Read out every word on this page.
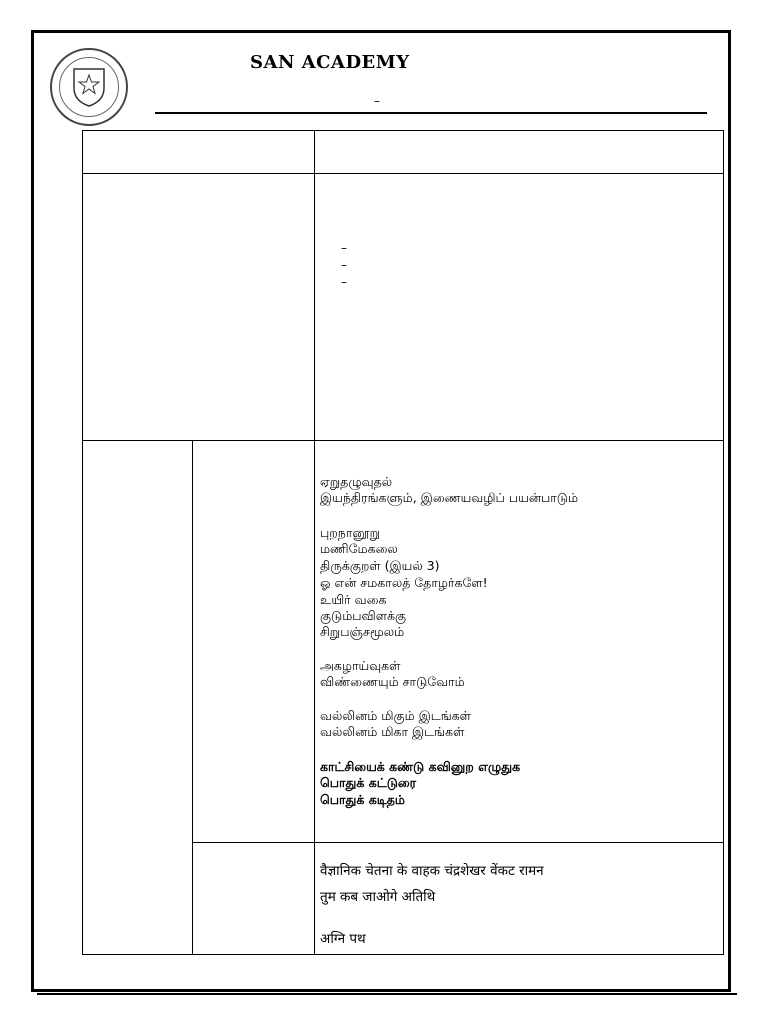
SAN ACADEMY
–
–
–
–

ஏறுதழுவுதல்

இயந்திரங்களும், இணையவழிப் பயன்பாடும்

புறநானூறு

மணிமேகலை

திருக்குறள் (இயல் 3)

ஓ என் சமகாலத் தோழர்களே!

உயிர் வகை

குடும்பவிளக்கு

சிறுபஞ்சமூலம்

அகழாய்வுகள்

விண்ணையும் சாடுவோம்

வல்லினம் மிகும் இடங்கள்

வல்லினம் மிகா இடங்கள்

காட்சியைக் கண்டு கவினுற எழுதுக

பொதுக் கட்டுரை

பொதுக் கடிதம்

वैज्ञानिक चेतना के वाहक चंद्रशेखर वेंकट रामन

तुम कब जाओगे अतिथि

अग्नि पथ
